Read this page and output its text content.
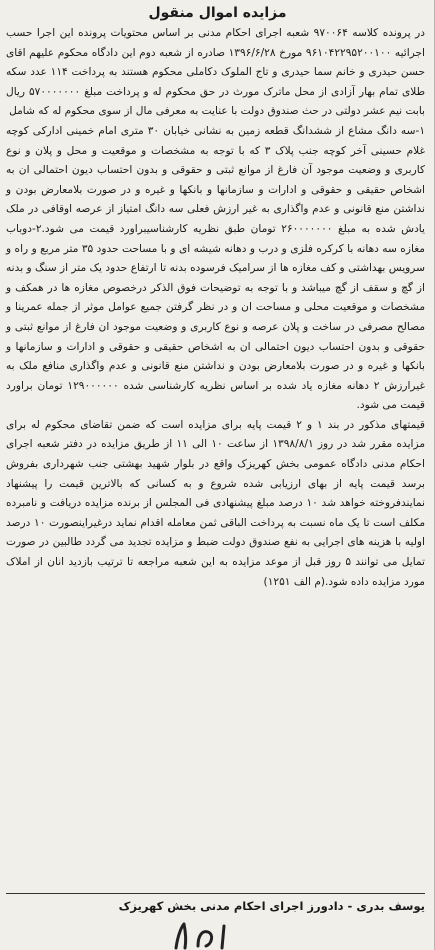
مزایده اموال منقول

در پرونده کلاسه ۹۷۰۰۶۴ شعبه اجرای احکام مدنی بر اساس محتویات پرونده این اجرا حسب اجرائیه ۹۶۱۰۴۲۲۹۵۲۰۰۱۰۰ مورخ ۱۳۹۶/۶/۲۸ صادره از شعبه دوم این دادگاه محکوم علیهم اقای حسن حیدری و خانم سما حیدری و تاج الملوک دکاملی محکوم هستند به پرداخت ۱۱۴ عدد سکه طلای تمام بهار آزادی از محل ماترک مورث در حق محکوم له و پرداخت مبلغ ۵۷۰۰۰۰۰۰۰ ریال بابت نیم عشر دولتی در حث صندوق دولت با عنایت به معرفی مال از سوی محکوم له که شامل

۱-سه دانگ مشاع از ششدانگ قطعه زمین به نشانی خیابان ۳۰ متری امام خمینی ادارکی کوچه غلام حسینی آخر کوچه جنب پلاک ۳ که با توجه به مشخصات و موقعیت و محل و پلان و نوع کاربری و وضعیت موجود آن فارغ از موانع ثبتی و حقوقی و بدون احتساب دیون احتمالی ان به اشخاص حقیقی و حقوقی و ادارات و سازمانها و بانکها و غیره و در صورت بلامعارض بودن و نداشتن منع قانونی و عدم واگذاری به غیر ارزش فعلی سه دانگ امتیاز از عرصه اوقافی در ملک یادش شده به مبلغ ۲۶۰۰۰۰۰۰۰ تومان طبق نظریه کارشناسیبراورد قیمت می شود.۲-دوباب مغازه سه دهانه با کرکره فلزی و درب و دهانه شیشه ای و با مساحت حدود ۳۵ متر مربع و راه و سرویس بهداشتی و کف مغازه ها از سرامیک فرسوده بدنه تا ارتفاع حدود یک متر از سنگ و بدنه از گچ و سقف از گچ میباشد و با توجه به توضیحات فوق الذکر درخصوص مغازه ها در همکف و مشخصات و موقعیت محلی و مساحت ان و در نظر گرفتن جمیع عوامل موثر از جمله عمرینا و مصالح مصرفی در ساخت و پلان عرصه و نوع کاربری و وضعیت موجود ان فارغ از موانع ثبتی و حقوقی و بدون احتساب دیون احتمالی ان به اشخاص حقیقی و حقوقی و ادارات و سازمانها و بانکها و غیره و در صورت بلامعارض بودن و نداشتن منع قانونی و عدم واگذاری منافع ملک به غیرارزش ۲ دهانه مغازه یاد شده بر اساس نظریه کارشناسی شده ۱۲۹۰۰۰۰۰۰ تومان براورد قیمت می شود.

قیمتهای مذکور در بند ۱ و ۲ قیمت پایه برای مزایده است که ضمن تقاضای محکوم له برای مزایده مقرر شد در روز ۱۳۹۸/۸/۱ از ساعت ۱۰ الی ۱۱ از طریق مزایده در دفتر شعبه اجرای احکام مدنی دادگاه عمومی بخش کهریزک واقع در بلوار شهید بهشتی جنب شهرداری بفروش برسد قیمت پایه از بهای ارزیابی شده شروع و به کسانی که بالاترین قیمت را پیشنهاد نمایندفروخته خواهد شد ۱۰ درصد مبلغ پیشنهادی فی المجلس از برنده مزایده دریافت و نامبرده مکلف است تا یک ماه نسبت به پرداخت الباقی ثمن معامله اقدام نماید درغیراینصورت ۱۰ درصد اولیه با هزینه های اجرایی به نفع صندوق دولت ضبط و مزایده تجدید می گردد طالبین در صورت تمایل می توانند ۵ روز قبل از موعد مزایده به این شعبه مراجعه تا ترتیب بازدید انان از املاک مورد مزایده داده شود.(م الف ۱۲۵۱)

یوسف بدری - دادورز اجرای احکام مدنی بخش کهریزک
